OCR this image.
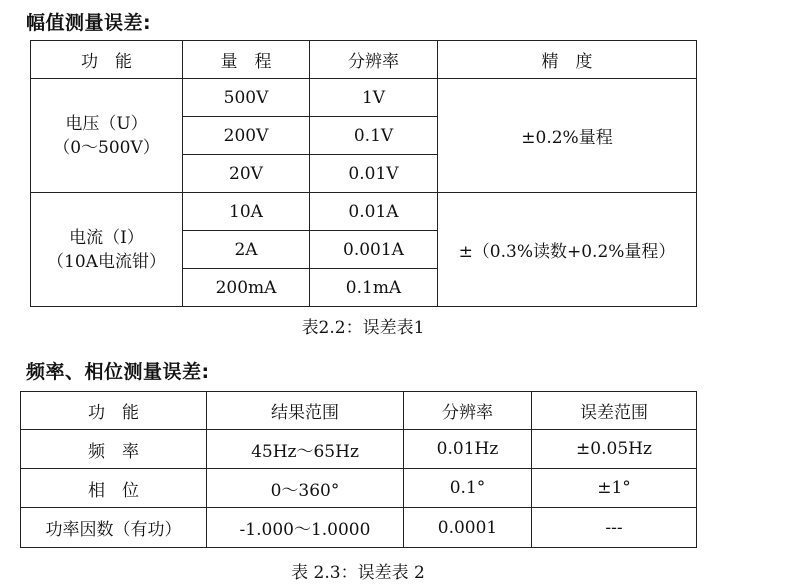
幅值测量误差:
功　能	量　程	分辨率	精　度

电压（U）
（0～500V）	500V	1V	±0.2%量程
	200V	0.1V	
	20V	0.01V	

电流（I）
（10A电流钳）	10A	0.01A	±（0.3%读数+0.2%量程）
	2A	0.001A	
	200mA	0.1mA	
表2.2：误差表1
频率、相位测量误差:
功　能	结果范围	分辨率	误差范围
频　率	45Hz～65Hz	0.01Hz	±0.05Hz
相　位	0～360°	0.1°	±1°
功率因数（有功）	-1.000～1.0000	0.0001	---
表 2.3：误差表 2
